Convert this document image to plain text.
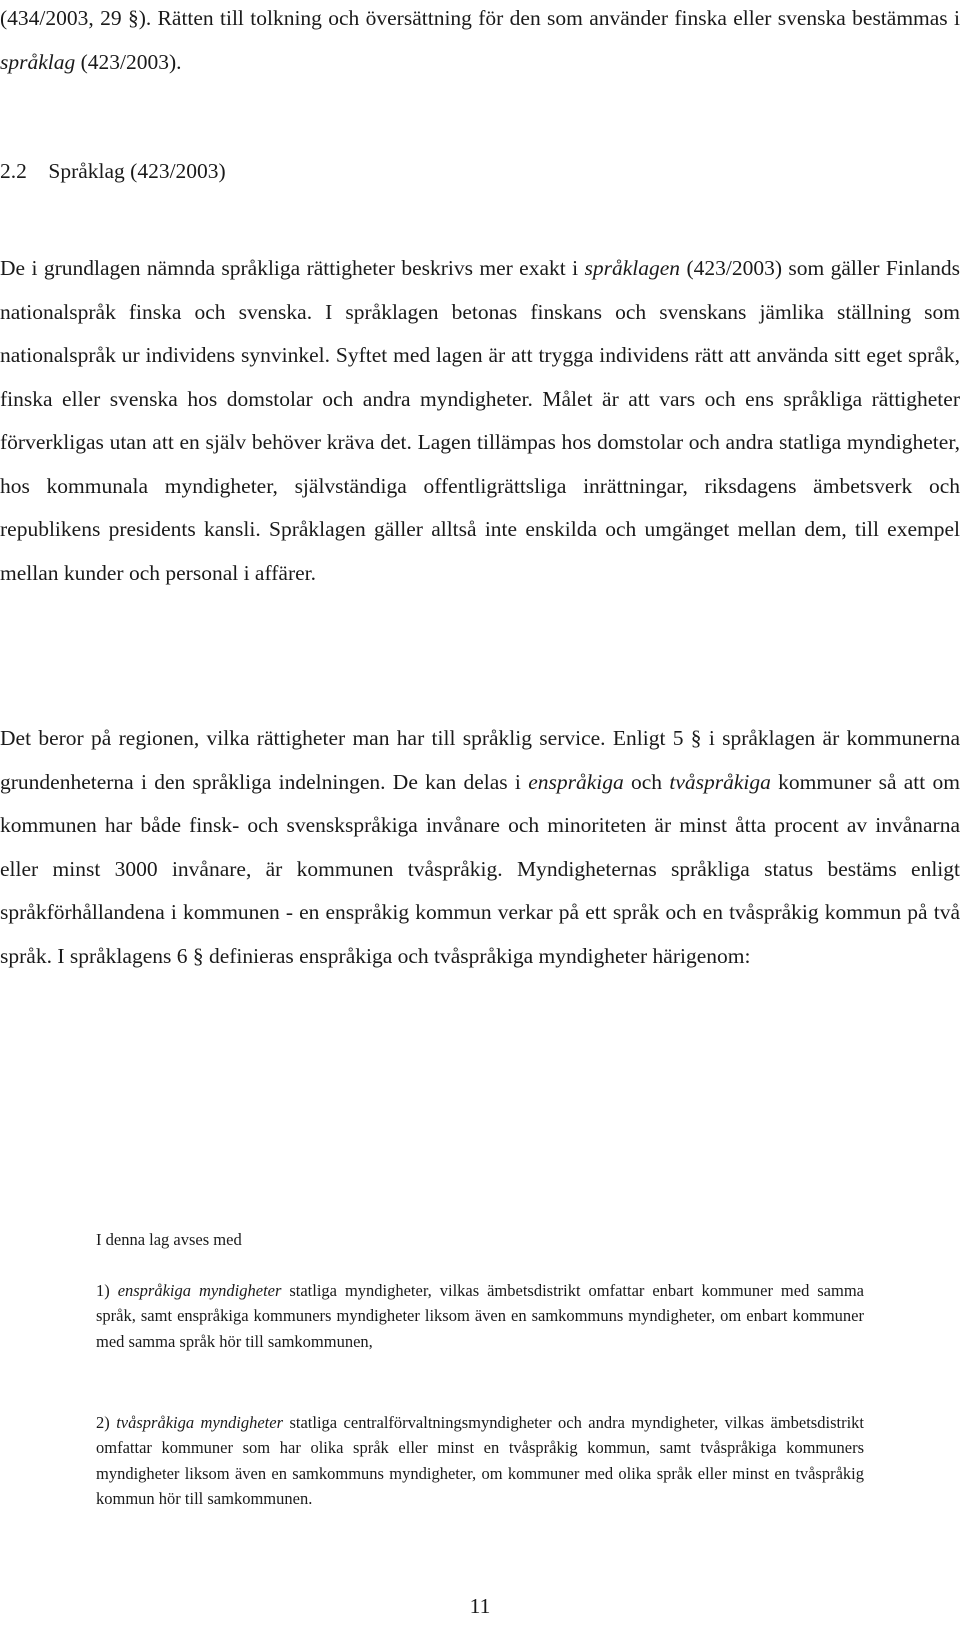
(434/2003, 29 §). Rätten till tolkning och översättning för den som använder finska eller svenska bestämmas i språklag (423/2003).

2.2 Språklag (423/2003)

De i grundlagen nämnda språkliga rättigheter beskrivs mer exakt i språklagen (423/2003) som gäller Finlands nationalspråk finska och svenska. I språklagen betonas finskans och svenskans jämlika ställning som nationalspråk ur individens synvinkel. Syftet med lagen är att trygga individens rätt att använda sitt eget språk, finska eller svenska hos domstolar och andra myndigheter. Målet är att vars och ens språkliga rättigheter förverkligas utan att en själv behöver kräva det. Lagen tillämpas hos domstolar och andra statliga myndigheter, hos kommunala myndigheter, självständiga offentligrättsliga inrättningar, riksdagens ämbetsverk och republikens presidents kansli. Språklagen gäller alltså inte enskilda och umgänget mellan dem, till exempel mellan kunder och personal i affärer.

Det beror på regionen, vilka rättigheter man har till språklig service. Enligt 5 § i språklagen är kommunerna grundenheterna i den språkliga indelningen. De kan delas i enspråkiga och tvåspråkiga kommuner så att om kommunen har både finsk- och svenskspråkiga invånare och minoriteten är minst åtta procent av invånarna eller minst 3000 invånare, är kommunen tvåspråkig. Myndigheternas språkliga status bestäms enligt språkförhållandena i kommunen - en enspråkig kommun verkar på ett språk och en tvåspråkig kommun på två språk. I språklagens 6 § definieras enspråkiga och tvåspråkiga myndigheter härigenom:

I denna lag avses med

1) enspråkiga myndigheter statliga myndigheter, vilkas ämbetsdistrikt omfattar enbart kommuner med samma språk, samt enspråkiga kommuners myndigheter liksom även en samkommuns myndigheter, om enbart kommuner med samma språk hör till samkommunen,

2) tvåspråkiga myndigheter statliga centralförvaltningsmyndigheter och andra myndigheter, vilkas ämbetsdistrikt omfattar kommuner som har olika språk eller minst en tvåspråkig kommun, samt tvåspråkiga kommuners myndigheter liksom även en samkommuns myndigheter, om kommuner med olika språk eller minst en tvåspråkig kommun hör till samkommunen.

11
